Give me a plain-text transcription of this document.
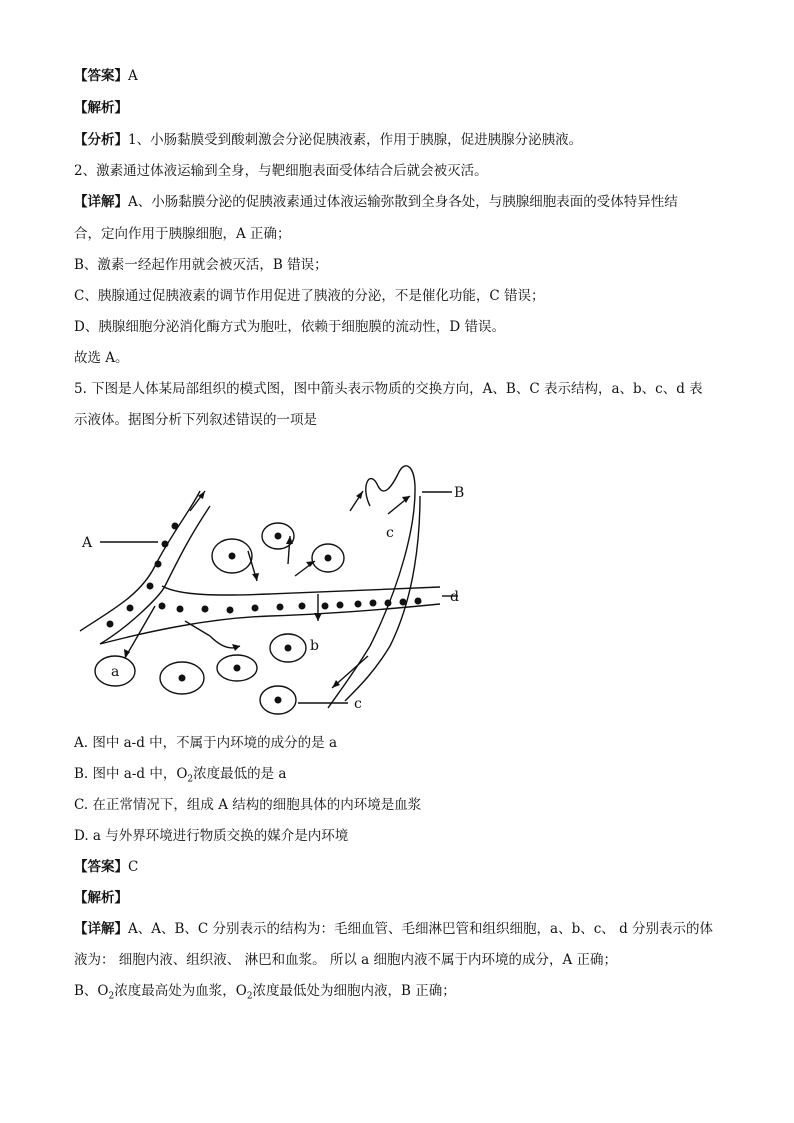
【答案】A
【解析】
【分析】1、小肠黏膜受到酸刺激会分泌促胰液素，作用于胰腺，促进胰腺分泌胰液。
2、激素通过体液运输到全身，与靶细胞表面受体结合后就会被灭活。
【详解】A、小肠黏膜分泌的促胰液素通过体液运输弥散到全身各处，与胰腺细胞表面的受体特异性结
合，定向作用于胰腺细胞，A 正确；
B、激素一经起作用就会被灭活，B 错误；
C、胰腺通过促胰液素的调节作用促进了胰液的分泌，不是催化功能，C 错误；
D、胰腺细胞分泌消化酶方式为胞吐，依赖于细胞膜的流动性，D 错误。
故选 A。
5. 下图是人体某局部组织的模式图，图中箭头表示物质的交换方向，A、B、C 表示结构，a、b、c、d 表
示液体。据图分析下列叙述错误的一项是
A
B
a
b
c
c
d
A. 图中 a-d 中，不属于内环境的成分的是 a
B. 图中 a-d 中，$O_2$浓度最低的是 a
C. 在正常情况下，组成 A 结构的细胞具体的内环境是血浆
D. a 与外界环境进行物质交换的媒介是内环境
【答案】C
【解析】
【详解】A、A、B、C 分别表示的结构为：毛细血管、毛细淋巴管和组织细胞，a、b、c、 d 分别表示的体
液为： 细胞内液、组织液、 淋巴和血浆。 所以 a 细胞内液不属于内环境的成分，A 正确；
B、$O_2$浓度最高处为血浆，$O_2$浓度最低处为细胞内液，B 正确；
